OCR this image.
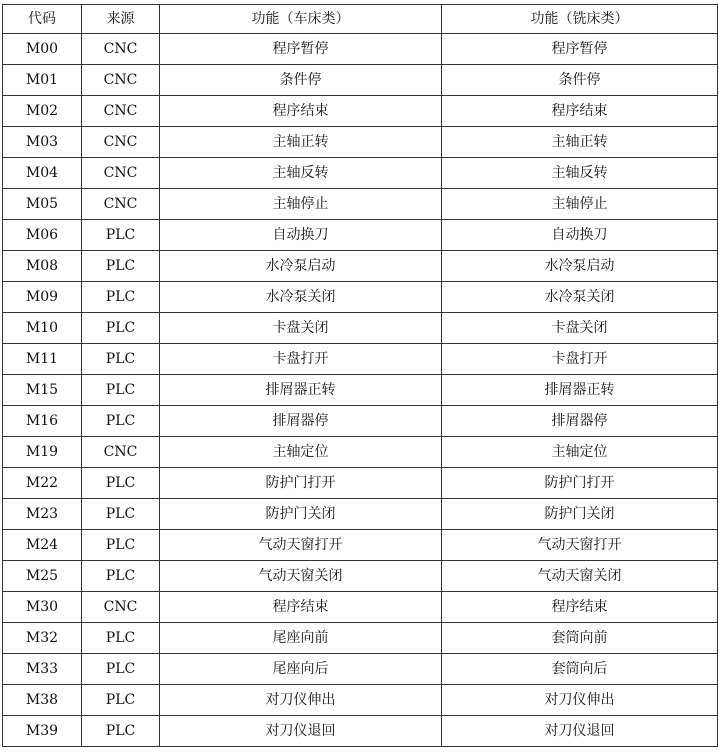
代码	来源	功能（车床类）	功能（铣床类）
M00	CNC	程序暂停	程序暂停
M01	CNC	条件停	条件停
M02	CNC	程序结束	程序结束
M03	CNC	主轴正转	主轴正转
M04	CNC	主轴反转	主轴反转
M05	CNC	主轴停止	主轴停止
M06	PLC	自动换刀	自动换刀
M08	PLC	水冷泵启动	水冷泵启动
M09	PLC	水冷泵关闭	水冷泵关闭
M10	PLC	卡盘关闭	卡盘关闭
M11	PLC	卡盘打开	卡盘打开
M15	PLC	排屑器正转	排屑器正转
M16	PLC	排屑器停	排屑器停
M19	CNC	主轴定位	主轴定位
M22	PLC	防护门打开	防护门打开
M23	PLC	防护门关闭	防护门关闭
M24	PLC	气动天窗打开	气动天窗打开
M25	PLC	气动天窗关闭	气动天窗关闭
M30	CNC	程序结束	程序结束
M32	PLC	尾座向前	套筒向前
M33	PLC	尾座向后	套筒向后
M38	PLC	对刀仪伸出	对刀仪伸出
M39	PLC	对刀仪退回	对刀仪退回
